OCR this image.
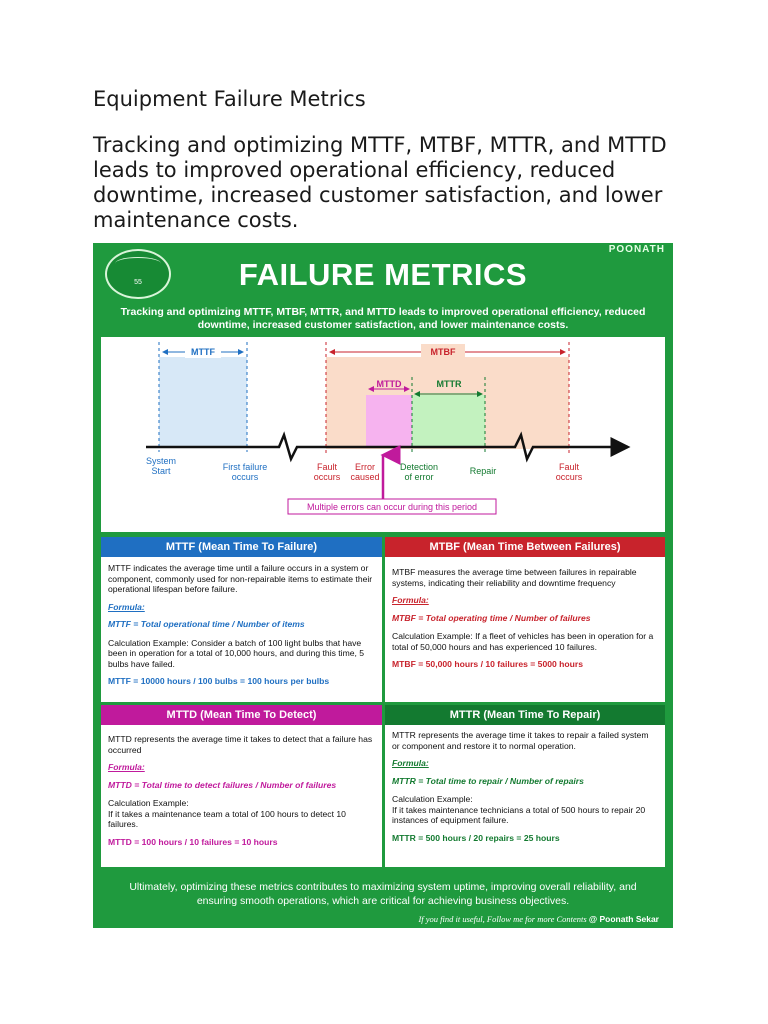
Equipment Failure Metrics
Tracking and optimizing MTTF, MTBF, MTTR, and MTTD leads to improved operational efficiency, reduced downtime, increased customer satisfaction, and lower maintenance costs.
POONATH
55	FAILURE METRICS
Tracking and optimizing MTTF, MTBF, MTTR, and MTTD leads to improved operational efficiency, reduced downtime, increased customer satisfaction, and lower maintenance costs.
MTTF	MTBF
MTTD	MTTR
System
Start	First failure
occurs
Fault
occurs
Error
caused
Detection
of error
Repair	Fault
occurs
Multiple errors can occur during this period
MTTF (Mean Time To Failure)

MTTF indicates the average time until a failure occurs in a system or component, commonly used for non-repairable items to estimate their operational lifespan before failure.

Formula:

MTTF = Total operational time / Number of items

Calculation Example: Consider a batch of 100 light bulbs that have been in operation for a total of 10,000 hours, and during this time, 5 bulbs have failed.

MTTF = 10000 hours / 100 bulbs = 100 hours per bulbs

MTBF (Mean Time Between Failures)

MTBF measures the average time between failures in repairable systems, indicating their reliability and downtime frequency

Formula:

MTBF = Total operating time / Number of failures

Calculation Example: If a fleet of vehicles has been in operation for a total of 50,000 hours and has experienced 10 failures.

MTBF = 50,000 hours / 10 failures = 5000 hours

MTTD (Mean Time To Detect)

MTTD represents the average time it takes to detect that a failure has occurred

Formula:

MTTD = Total time to detect failures / Number of failures

Calculation Example:

If it takes a maintenance team a total of 100 hours to detect 10 failures.

MTTD = 100 hours / 10 failures = 10 hours

MTTR (Mean Time To Repair)

MTTR represents the average time it takes to repair a failed system or component and restore it to normal operation.

Formula:

MTTR = Total time to repair / Number of repairs

Calculation Example:

If it takes maintenance technicians a total of 500 hours to repair 20 instances of equipment failure.

MTTR = 500 hours / 20 repairs = 25 hours

Ultimately, optimizing these metrics contributes to maximizing system uptime, improving overall reliability, and ensuring smooth operations, which are critical for achieving business objectives.
If you find it useful, Follow me for more Contents @ Poonath Sekar
